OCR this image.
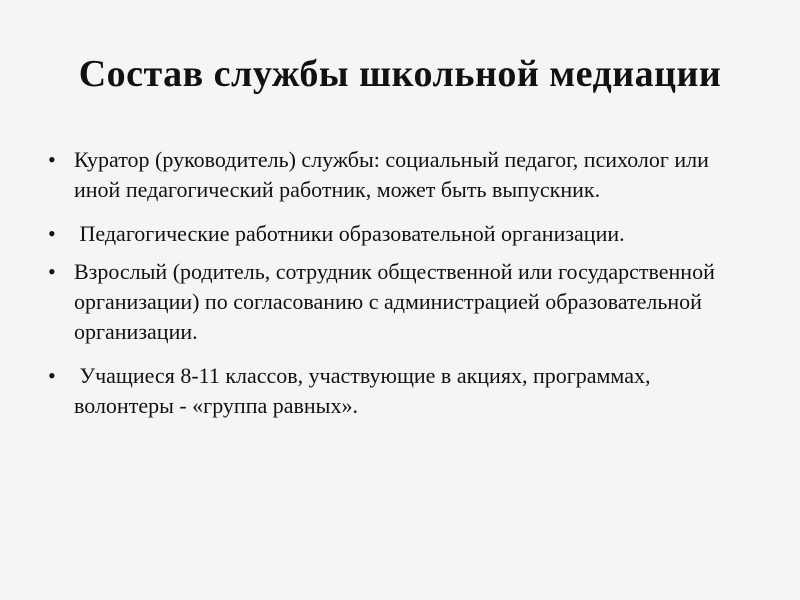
Состав службы школьной медиации
• Куратор (руководитель) службы: социальный педагог, психолог или иной педагогический работник, может быть выпускник.
• Педагогические работники образовательной организации.
• Взрослый (родитель, сотрудник общественной или государственной организации) по согласованию с администрацией образовательной организации.
• Учащиеся 8-11 классов, участвующие в акциях, программах, волонтеры - «группа равных».
